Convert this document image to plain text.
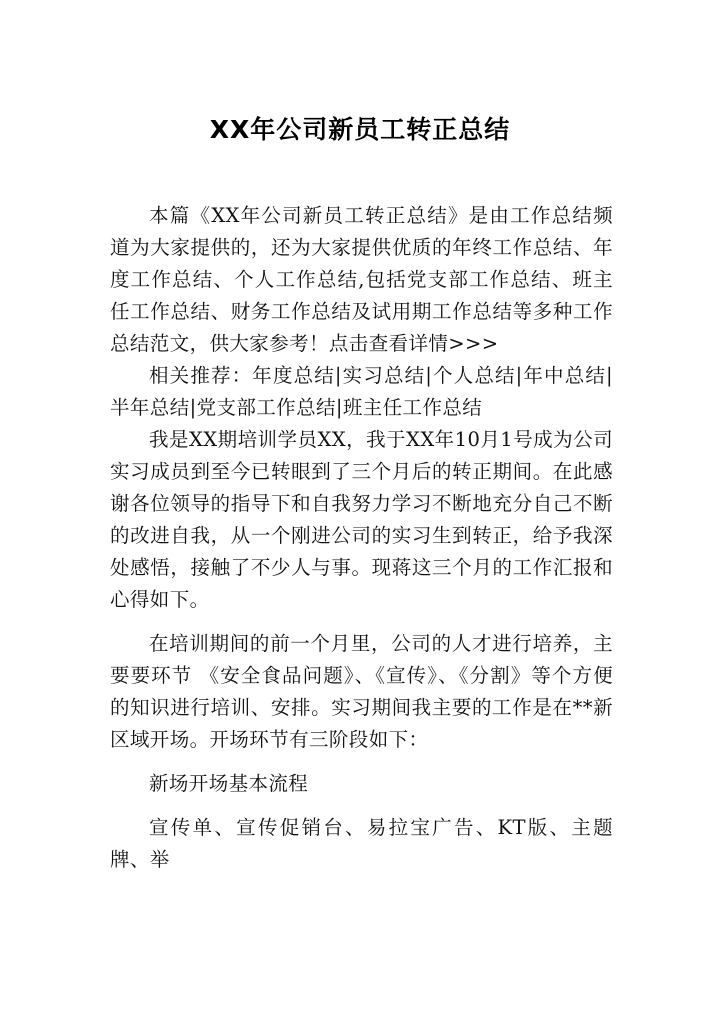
XX年公司新员工转正总结

本篇《XX年公司新员工转正总结》是由工作总结频道为大家提供的，还为大家提供优质的年终工作总结、年度工作总结、个人工作总结,包括党支部工作总结、班主任工作总结、财务工作总结及试用期工作总结等多种工作总结范文，供大家参考！点击查看详情>>>

相关推荐：年度总结|实习总结|个人总结|年中总结|半年总结|党支部工作总结|班主任工作总结

我是XX期培训学员XX，我于XX年10月1号成为公司实习成员到至今已转眼到了三个月后的转正期间。在此感谢各位领导的指导下和自我努力学习不断地充分自己不断的改进自我，从一个刚进公司的实习生到转正，给予我深处感悟，接触了不少人与事。现蒋这三个月的工作汇报和心得如下。

在培训期间的前一个月里，公司的人才进行培养，主要要环节 《安全食品问题》、《宣传》、《分割》等个方便的知识进行培训、安排。实习期间我主要的工作是在**新区域开场。开场环节有三阶段如下：

新场开场基本流程

宣传单、宣传促销台、易拉宝广告、KT版、主题牌、举
